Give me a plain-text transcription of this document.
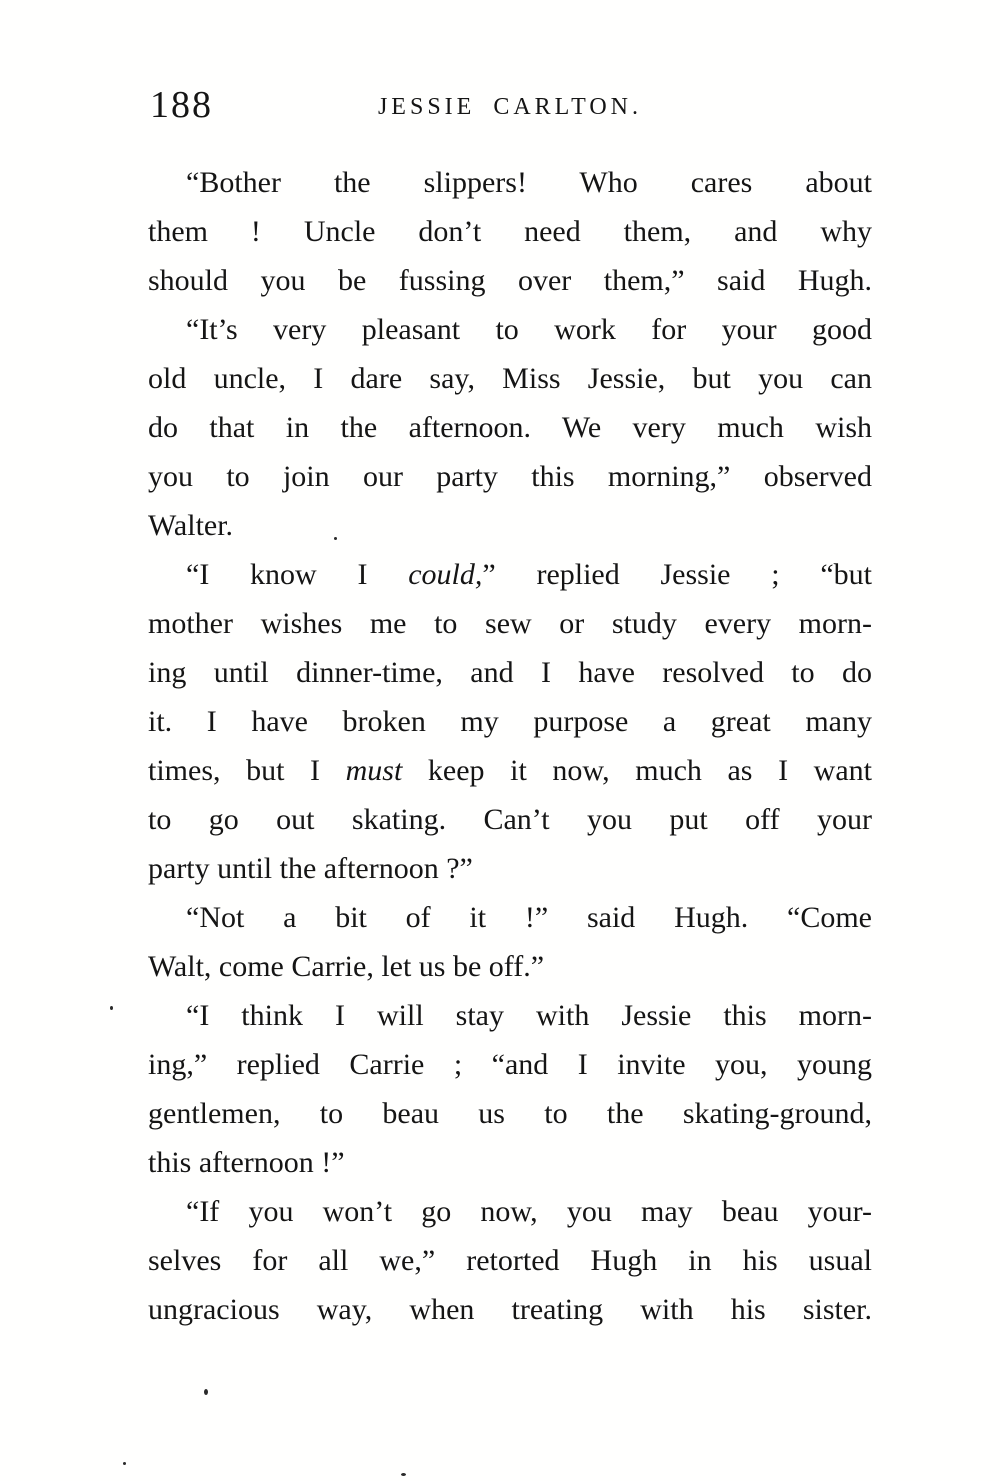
188	JESSIE CARLTON.
“Bother the slippers! Who cares about
them ! Uncle don’t need them, and why
should you be fussing over them,” said Hugh.
“It’s very pleasant to work for your good
old uncle, I dare say, Miss Jessie, but you can
do that in the afternoon. We very much wish
you to join our party this morning,” observed
Walter.
“I know I could,” replied Jessie ; “but
mother wishes me to sew or study every morn-
ing until dinner-time, and I have resolved to do
it. I have broken my purpose a great many
times, but I must keep it now, much as I want
to go out skating. Can’t you put off your
party until the afternoon ?”
“Not a bit of it !” said Hugh. “Come
Walt, come Carrie, let us be off.”
“I think I will stay with Jessie this morn-
ing,” replied Carrie ; “and I invite you, young
gentlemen, to beau us to the skating-ground,
this afternoon !”
“If you won’t go now, you may beau your-
selves for all we,” retorted Hugh in his usual
ungracious way, when treating with his sister.
